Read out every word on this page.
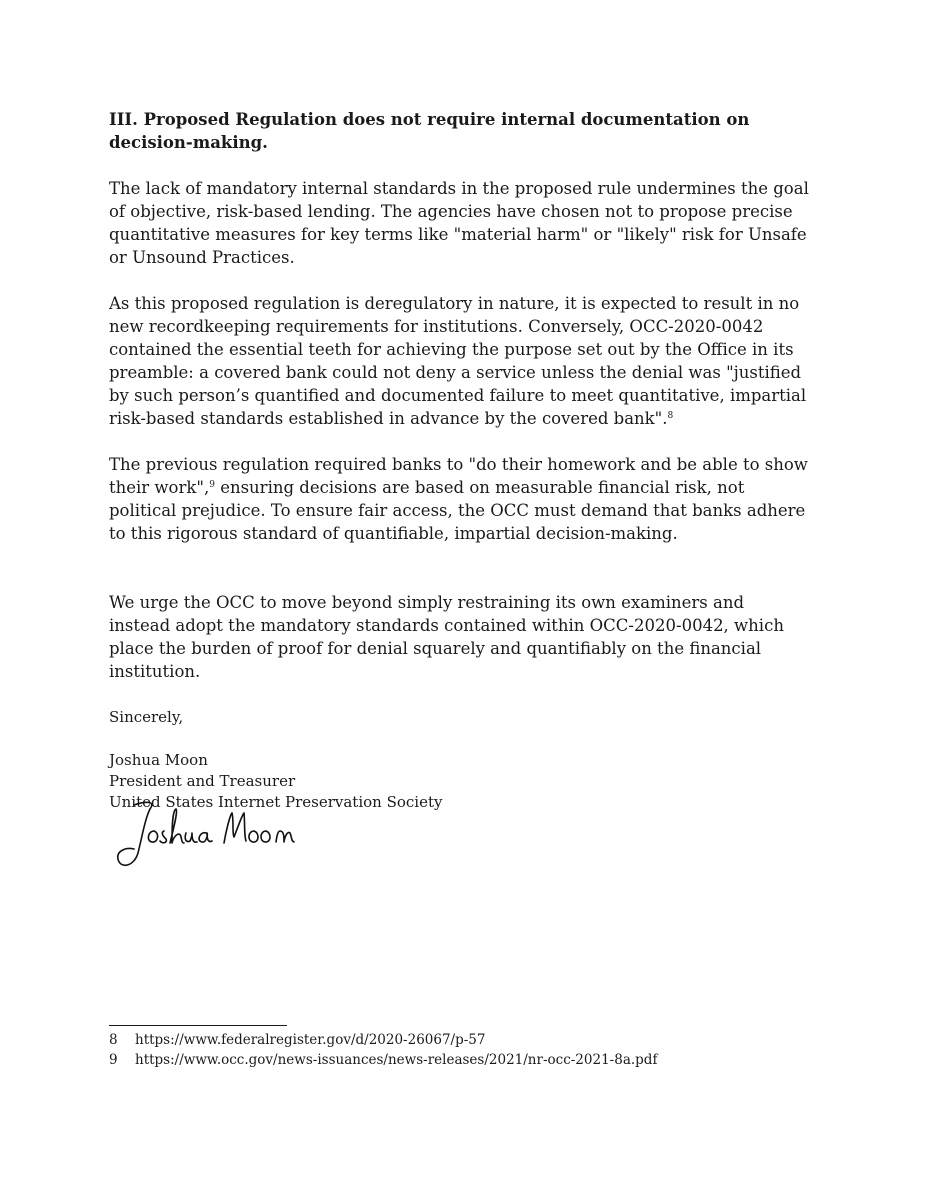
III. Proposed Regulation does not require internal documentation on decision-making.
The lack of mandatory internal standards in the proposed rule undermines the goal of objective, risk-based lending. The agencies have chosen not to propose precise quantitative measures for key terms like "material harm" or "likely" risk for Unsafe or Unsound Practices.
As this proposed regulation is deregulatory in nature, it is expected to result in no new recordkeeping requirements for institutions. Conversely, OCC-2020-0042 contained the essential teeth for achieving the purpose set out by the Office in its preamble: a covered bank could not deny a service unless the denial was "justified by such person’s quantified and documented failure to meet quantitative, impartial risk-based standards established in advance by the covered bank".$^8$
The previous regulation required banks to "do their homework and be able to show their work",$^9$ ensuring decisions are based on measurable financial risk, not political prejudice. To ensure fair access, the OCC must demand that banks adhere to this rigorous standard of quantifiable, impartial decision-making.
We urge the OCC to move beyond simply restraining its own examiners and instead adopt the mandatory standards contained within OCC-2020-0042, which place the burden of proof for denial squarely and quantifiably on the financial institution.
Sincerely,
Joshua Moon
President and Treasurer
United States Internet Preservation Society
8	https://www.federalregister.gov/d/2020-26067/p-57
9	https://www.occ.gov/news-issuances/news-releases/2021/nr-occ-2021-8a.pdf
